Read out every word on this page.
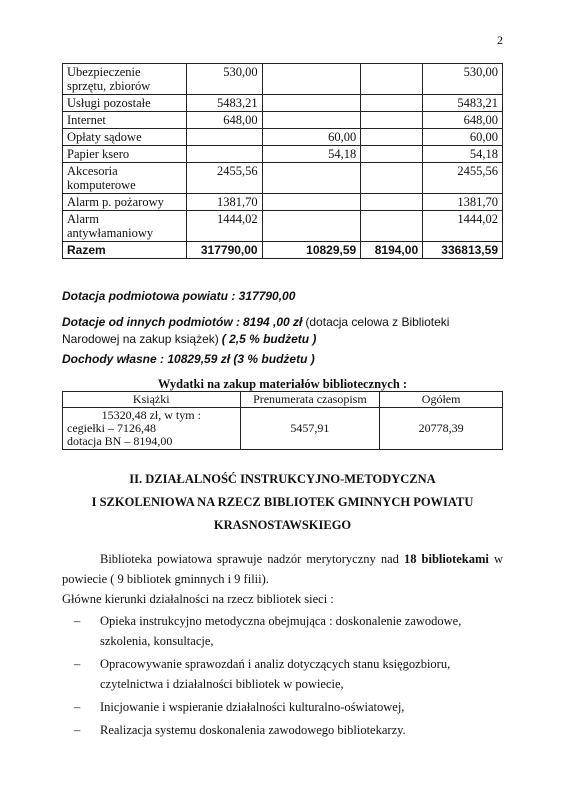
2
Ubezpieczenie sprzętu, zbiorów	530,00			530,00
Usługi pozostałe	5483,21			5483,21
Internet	648,00			648,00
Opłaty sądowe		60,00		60,00
Papier ksero		54,18		54,18
Akcesoria komputerowe	2455,56			2455,56
Alarm p. pożarowy	1381,70			1381,70
Alarm antywłamaniowy	1444,02			1444,02
Razem	317790,00	10829,59	8194,00	336813,59
Dotacja podmiotowa powiatu : 317790,00
Dotacje od innych podmiotów : 8194 ,00 zł (dotacja celowa z Biblioteki Narodowej na zakup książek) ( 2,5 % budżetu )
Dochody własne : 10829,59 zł (3 % budżetu )
Wydatki na zakup materiałów bibliotecznych :
Książki	Prenumerata czasopism	Ogółem

15320,48 zł, w tym :
cegiełki – 7126,48
dotacja BN – 8194,00	5457,91	20778,39
II. DZIAŁALNOŚĆ INSTRUKCYJNO-METODYCZNA
I SZKOLENIOWA NA RZECZ BIBLIOTEK GMINNYCH POWIATU
KRASNOSTAWSKIEGO
Biblioteka powiatowa sprawuje nadzór merytoryczny nad 18 bibliotekami w powiecie ( 9 bibliotek gminnych i 9 filii).
Główne kierunki działalności na rzecz bibliotek sieci :
– Opieka instrukcyjno metodyczna obejmująca : doskonalenie zawodowe, szkolenia, konsultacje,
– Opracowywanie sprawozdań i analiz dotyczących stanu księgozbioru, czytelnictwa i działalności bibliotek w powiecie,
– Inicjowanie i wspieranie działalności kulturalno-oświatowej,
– Realizacja systemu doskonalenia zawodowego bibliotekarzy.
